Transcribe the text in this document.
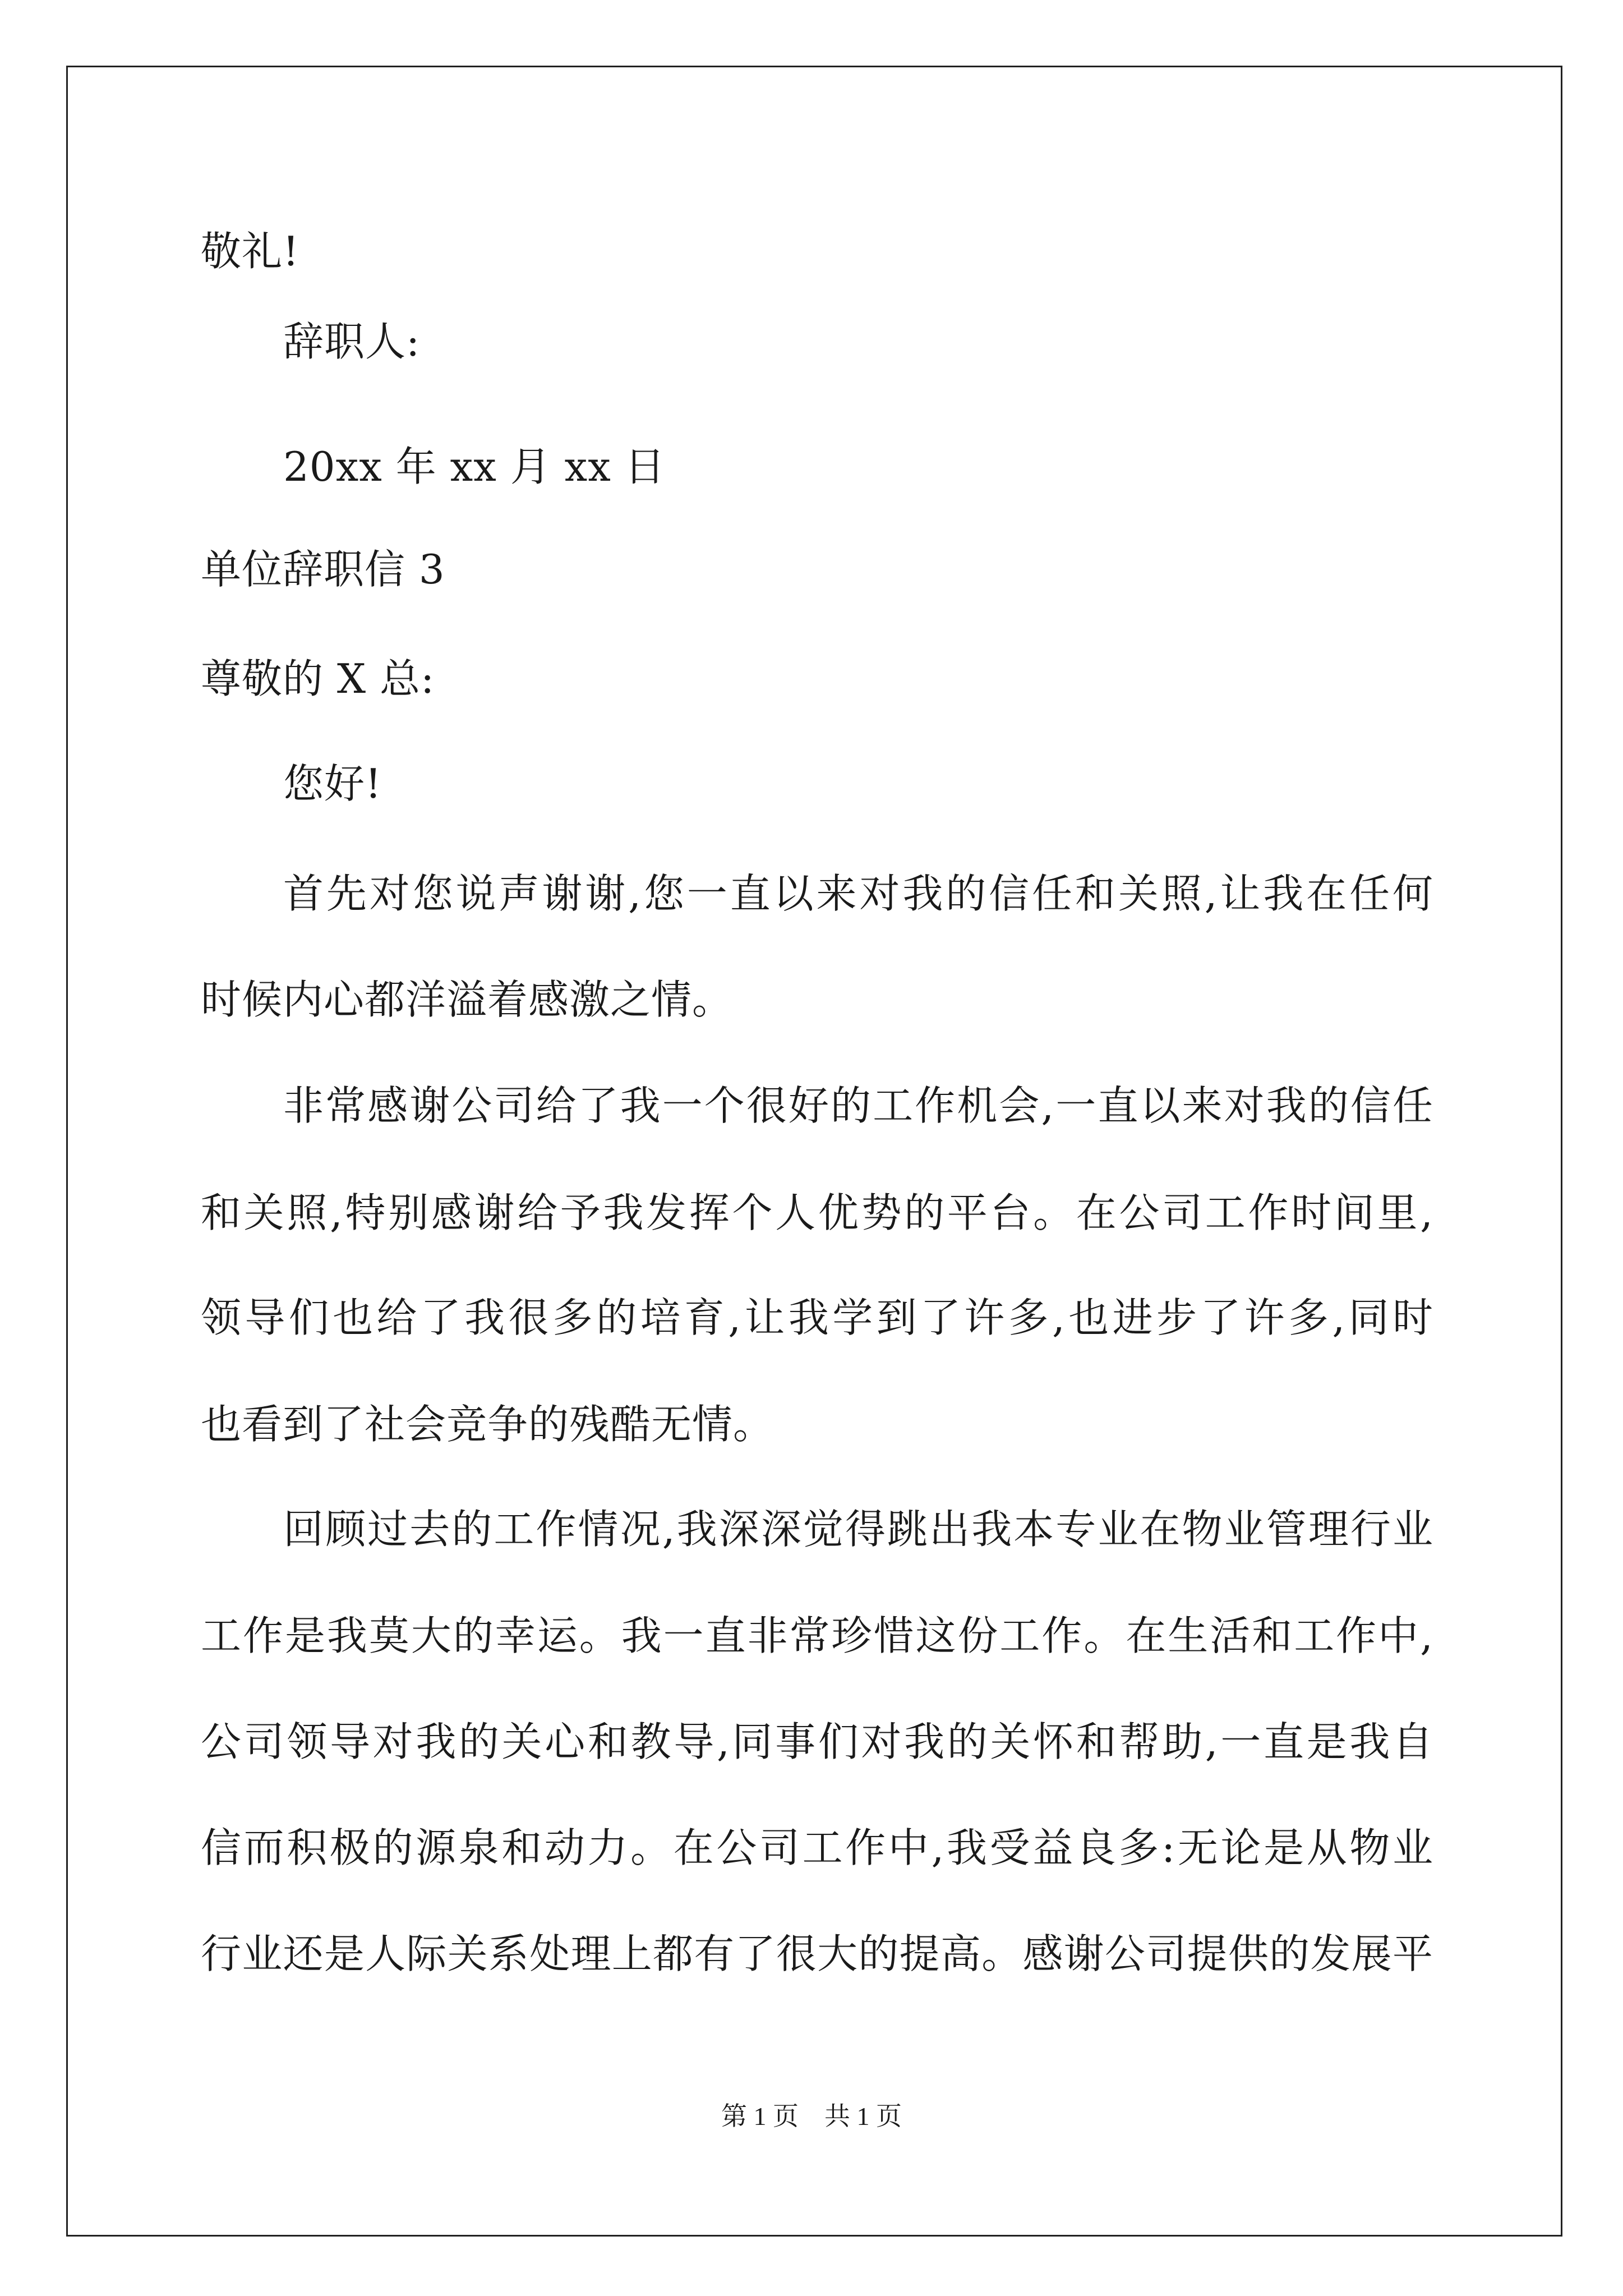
敬礼!
辞职人:
20xx 年 xx 月 xx 日
单位辞职信 3
尊敬的 X 总:
您好!
首先对您说声谢谢,您一直以来对我的信任和关照,让我在任何
时候内心都洋溢着感激之情。
非常感谢公司给了我一个很好的工作机会,一直以来对我的信任
和关照,特别感谢给予我发挥个人优势的平台。在公司工作时间里,
领导们也给了我很多的培育,让我学到了许多,也进步了许多,同时
也看到了社会竞争的残酷无情。
回顾过去的工作情况,我深深觉得跳出我本专业在物业管理行业
工作是我莫大的幸运。我一直非常珍惜这份工作。在生活和工作中,
公司领导对我的关心和教导,同事们对我的关怀和帮助,一直是我自
信而积极的源泉和动力。在公司工作中,我受益良多:无论是从物业
行业还是人际关系处理上都有了很大的提高。感谢公司提供的发展平
第 1 页　共 1 页
